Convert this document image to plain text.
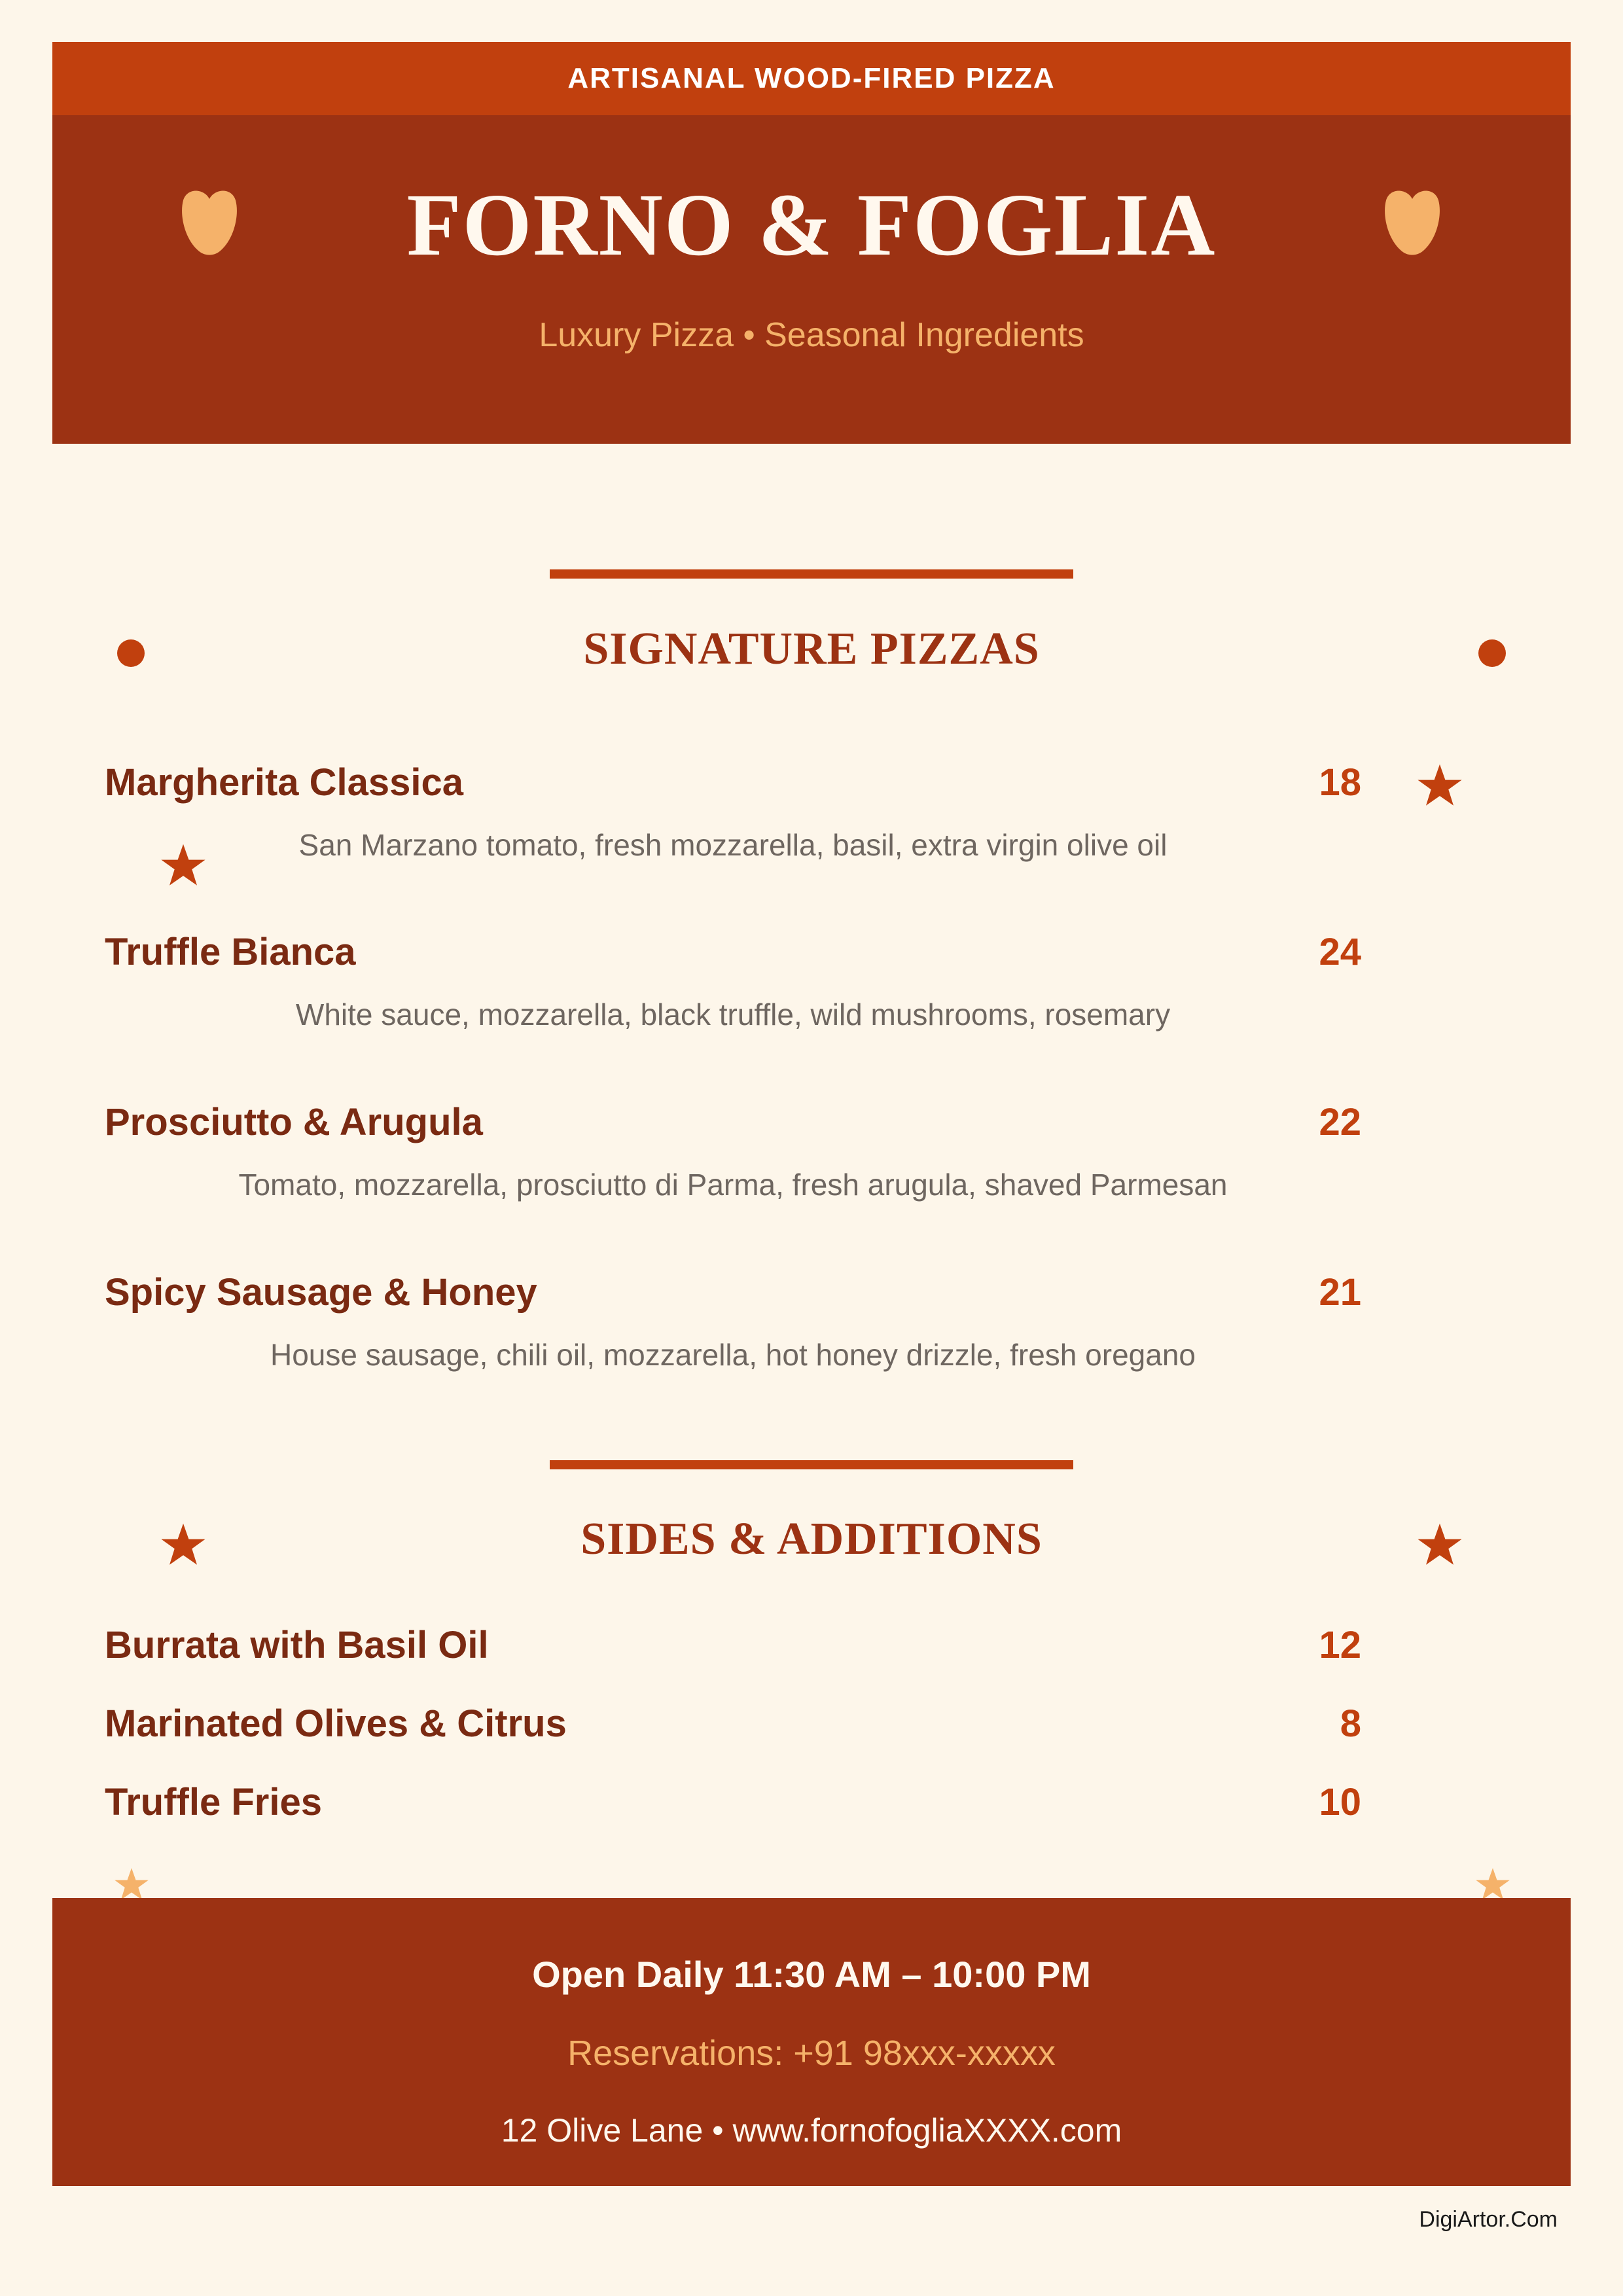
ARTISANAL WOOD-FIRED PIZZA
FORNO & FOGLIA
Luxury Pizza • Seasonal Ingredients
SIGNATURE PIZZAS
Margherita Classica	18
San Marzano tomato, fresh mozzarella, basil, extra virgin olive oil
Truffle Bianca	24
White sauce, mozzarella, black truffle, wild mushrooms, rosemary
Prosciutto & Arugula	22
Tomato, mozzarella, prosciutto di Parma, fresh arugula, shaved Parmesan
Spicy Sausage & Honey	21
House sausage, chili oil, mozzarella, hot honey drizzle, fresh oregano
SIDES & ADDITIONS
Burrata with Basil Oil	12
Marinated Olives & Citrus	8
Truffle Fries	10
Open Daily 11:30 AM – 10:00 PM
Reservations: +91 98xxx-xxxxx
12 Olive Lane • www.fornofogliaXXXX.com
DigiArtor.Com
